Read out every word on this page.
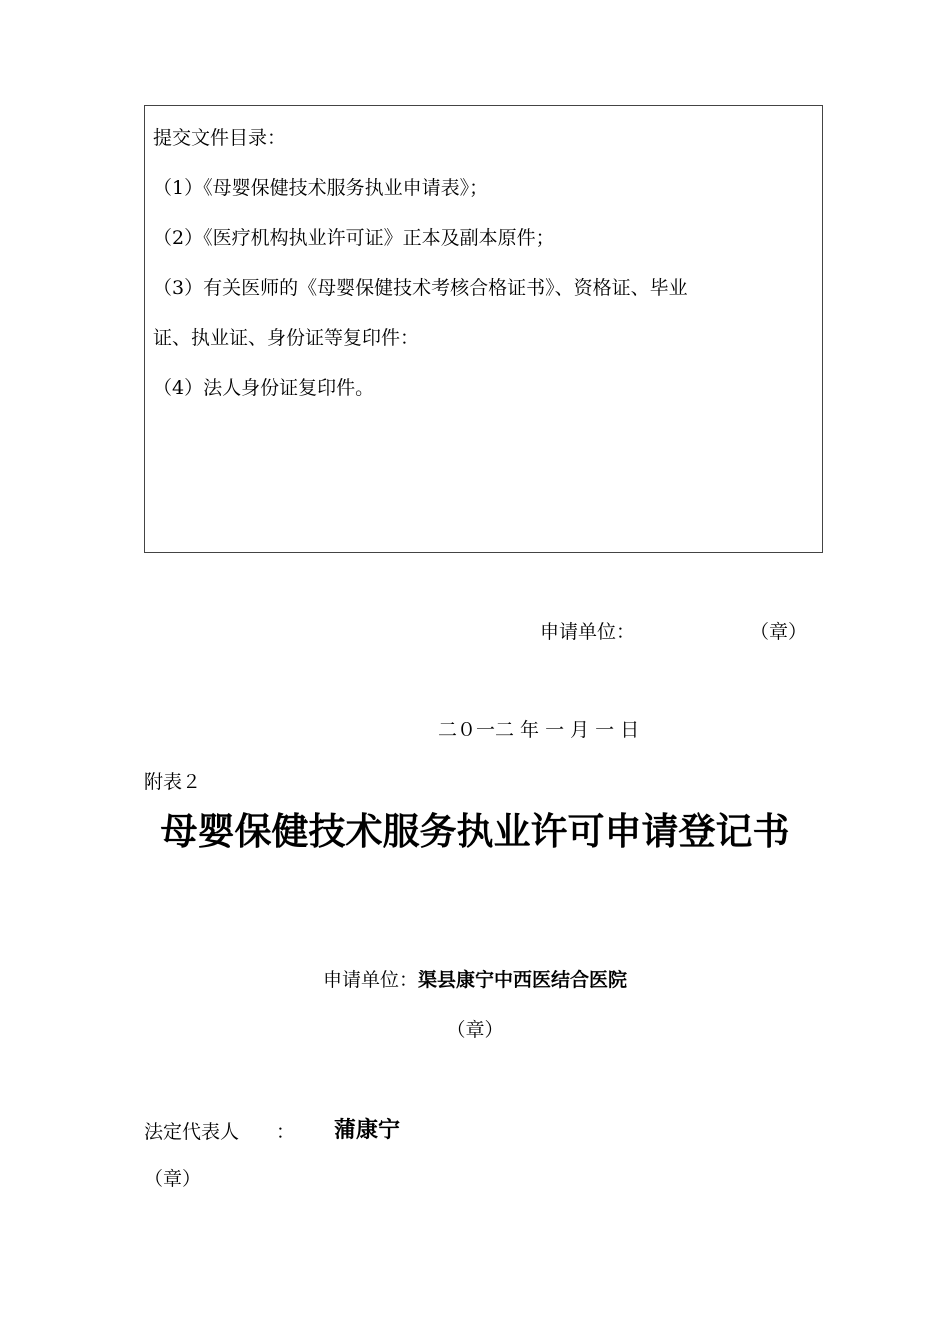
提交文件目录：
（1）《母婴保健技术服务执业申请表》；
（2）《医疗机构执业许可证》正本及副本原件；
（3）有关医师的《母婴保健技术考核合格证书》、资格证、毕业
证、执业证、身份证等复印件：
（4）法人身份证复印件。
申请单位：	（章）
二０一二 年 一 月 一 日
附表２
母婴保健技术服务执业许可申请登记书
申请单位：渠县康宁中西医结合医院
（章）
法定代表人 ： 蒲康宁
（章）
